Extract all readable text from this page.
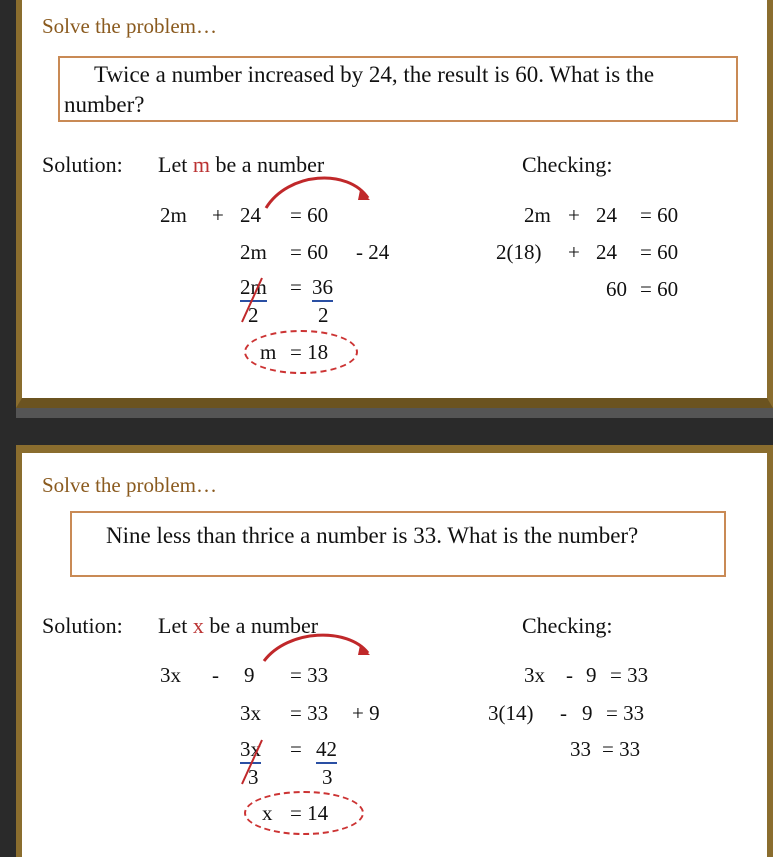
Solve the problem…
Twice a number increased by 24, the result is 60. What is the
number?
Solution: Let m be a number	Checking:
2m + 24 = 60
2m = 60 - 24
2m = 36
2	2
m = 18
2m + 24 = 60
2(18) + 24 = 60
60 = 60
Solve the problem…
Nine less than thrice a number is 33. What is the number?
Solution: Let x be a number	Checking:
3x - 9 = 33
3x = 33 + 9
3x = 42
3	3
x = 14
3x - 9 = 33
3(14) - 9 = 33
33 = 33
